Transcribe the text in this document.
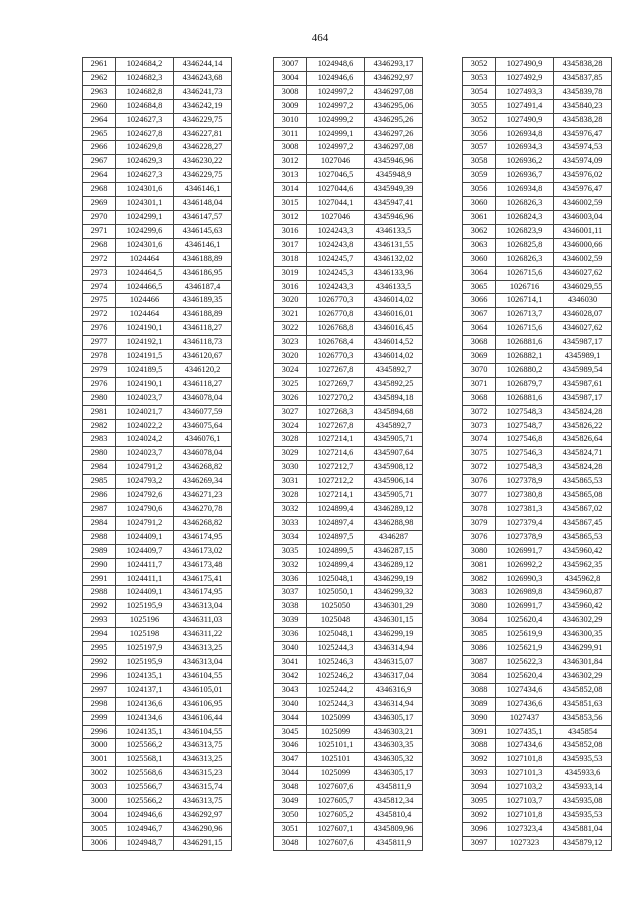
464
2961	1024684,2	4346244,14
2962	1024682,3	4346243,68
2963	1024682,8	4346241,73
2960	1024684,8	4346242,19
2964	1024627,3	4346229,75
2965	1024627,8	4346227,81
2966	1024629,8	4346228,27
2967	1024629,3	4346230,22
2964	1024627,3	4346229,75
2968	1024301,6	4346146,1
2969	1024301,1	4346148,04
2970	1024299,1	4346147,57
2971	1024299,6	4346145,63
2968	1024301,6	4346146,1
2972	1024464	4346188,89
2973	1024464,5	4346186,95
2974	1024466,5	4346187,4
2975	1024466	4346189,35
2972	1024464	4346188,89
2976	1024190,1	4346118,27
2977	1024192,1	4346118,73
2978	1024191,5	4346120,67
2979	1024189,5	4346120,2
2976	1024190,1	4346118,27
2980	1024023,7	4346078,04
2981	1024021,7	4346077,59
2982	1024022,2	4346075,64
2983	1024024,2	4346076,1
2980	1024023,7	4346078,04
2984	1024791,2	4346268,82
2985	1024793,2	4346269,34
2986	1024792,6	4346271,23
2987	1024790,6	4346270,78
2984	1024791,2	4346268,82
2988	1024409,1	4346174,95
2989	1024409,7	4346173,02
2990	1024411,7	4346173,48
2991	1024411,1	4346175,41
2988	1024409,1	4346174,95
2992	1025195,9	4346313,04
2993	1025196	4346311,03
2994	1025198	4346311,22
2995	1025197,9	4346313,25
2992	1025195,9	4346313,04
2996	1024135,1	4346104,55
2997	1024137,1	4346105,01
2998	1024136,6	4346106,95
2999	1024134,6	4346106,44
2996	1024135,1	4346104,55
3000	1025566,2	4346313,75
3001	1025568,1	4346313,25
3002	1025568,6	4346315,23
3003	1025566,7	4346315,74
3000	1025566,2	4346313,75
3004	1024946,6	4346292,97
3005	1024946,7	4346290,96
3006	1024948,7	4346291,15
3007	1024948,6	4346293,17
3004	1024946,6	4346292,97
3008	1024997,2	4346297,08
3009	1024997,2	4346295,06
3010	1024999,2	4346295,26
3011	1024999,1	4346297,26
3008	1024997,2	4346297,08
3012	1027046	4345946,96
3013	1027046,5	4345948,9
3014	1027044,6	4345949,39
3015	1027044,1	4345947,41
3012	1027046	4345946,96
3016	1024243,3	4346133,5
3017	1024243,8	4346131,55
3018	1024245,7	4346132,02
3019	1024245,3	4346133,96
3016	1024243,3	4346133,5
3020	1026770,3	4346014,02
3021	1026770,8	4346016,01
3022	1026768,8	4346016,45
3023	1026768,4	4346014,52
3020	1026770,3	4346014,02
3024	1027267,8	4345892,7
3025	1027269,7	4345892,25
3026	1027270,2	4345894,18
3027	1027268,3	4345894,68
3024	1027267,8	4345892,7
3028	1027214,1	4345905,71
3029	1027214,6	4345907,64
3030	1027212,7	4345908,12
3031	1027212,2	4345906,14
3028	1027214,1	4345905,71
3032	1024899,4	4346289,12
3033	1024897,4	4346288,98
3034	1024897,5	4346287
3035	1024899,5	4346287,15
3032	1024899,4	4346289,12
3036	1025048,1	4346299,19
3037	1025050,1	4346299,32
3038	1025050	4346301,29
3039	1025048	4346301,15
3036	1025048,1	4346299,19
3040	1025244,3	4346314,94
3041	1025246,3	4346315,07
3042	1025246,2	4346317,04
3043	1025244,2	4346316,9
3040	1025244,3	4346314,94
3044	1025099	4346305,17
3045	1025099	4346303,21
3046	1025101,1	4346303,35
3047	1025101	4346305,32
3044	1025099	4346305,17
3048	1027607,6	4345811,9
3049	1027605,7	4345812,34
3050	1027605,2	4345810,4
3051	1027607,1	4345809,96
3048	1027607,6	4345811,9
3052	1027490,9	4345838,28
3053	1027492,9	4345837,85
3054	1027493,3	4345839,78
3055	1027491,4	4345840,23
3052	1027490,9	4345838,28
3056	1026934,8	4345976,47
3057	1026934,3	4345974,53
3058	1026936,2	4345974,09
3059	1026936,7	4345976,02
3056	1026934,8	4345976,47
3060	1026826,3	4346002,59
3061	1026824,3	4346003,04
3062	1026823,9	4346001,11
3063	1026825,8	4346000,66
3060	1026826,3	4346002,59
3064	1026715,6	4346027,62
3065	1026716	4346029,55
3066	1026714,1	4346030
3067	1026713,7	4346028,07
3064	1026715,6	4346027,62
3068	1026881,6	4345987,17
3069	1026882,1	4345989,1
3070	1026880,2	4345989,54
3071	1026879,7	4345987,61
3068	1026881,6	4345987,17
3072	1027548,3	4345824,28
3073	1027548,7	4345826,22
3074	1027546,8	4345826,64
3075	1027546,3	4345824,71
3072	1027548,3	4345824,28
3076	1027378,9	4345865,53
3077	1027380,8	4345865,08
3078	1027381,3	4345867,02
3079	1027379,4	4345867,45
3076	1027378,9	4345865,53
3080	1026991,7	4345960,42
3081	1026992,2	4345962,35
3082	1026990,3	4345962,8
3083	1026989,8	4345960,87
3080	1026991,7	4345960,42
3084	1025620,4	4346302,29
3085	1025619,9	4346300,35
3086	1025621,9	4346299,91
3087	1025622,3	4346301,84
3084	1025620,4	4346302,29
3088	1027434,6	4345852,08
3089	1027436,6	4345851,63
3090	1027437	4345853,56
3091	1027435,1	4345854
3088	1027434,6	4345852,08
3092	1027101,8	4345935,53
3093	1027101,3	4345933,6
3094	1027103,2	4345933,14
3095	1027103,7	4345935,08
3092	1027101,8	4345935,53
3096	1027323,4	4345881,04
3097	1027323	4345879,12
